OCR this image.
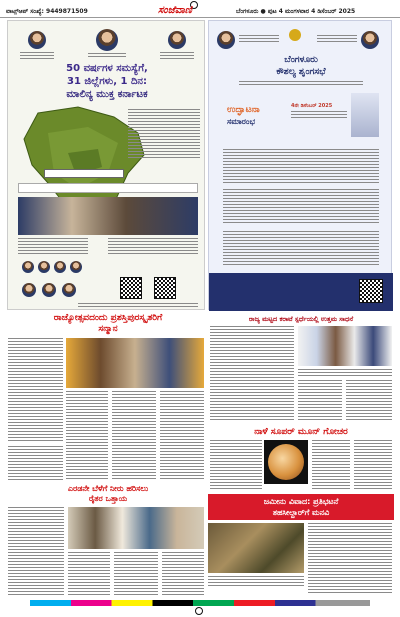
ವಾಟ್ಸ್ಆಪ್ ಸಂಖ್ಯೆ: 9449871509	ಸಂಜೆವಾಣಿ	ಬೆಂಗಳೂರು ● ಪುಟ 4 ಮಂಗಳವಾರ 4 ಡಿಸೆಂಬರ್ 2025
50 ವರ್ಷಗಳ ಸಮಸ್ಯೆಗೆ,
31 ಜಿಲ್ಲೆಗಳು, 1 ದಿನ:
ಮಾಲಿನ್ಯ ಮುಕ್ತ ಕರ್ನಾಟಕ
ಬೆಂಗಳೂರು
ಕೌಶಲ್ಯ ಶೃಂಗಸಭೆ
ಉದ್ಘಾಟನಾ
ಸಮಾರಂಭ
4ನೇ ಡಿಸೆಂಬರ್ 2025
ರಾಜ್ಯೋತ್ಸವದಂದು ಪ್ರಶಸ್ತಿಪುರಸ್ಕೃತರಿಗೆ
ಸನ್ಮಾನ
ರಾಜ್ಯ ಮಟ್ಟದ ಕರಾಟೆ ಸ್ಪರ್ಧೆಯಲ್ಲಿ ಉತ್ತಮ ಸಾಧನೆ
ನಾಳೆ ಸೂಪರ್ ಮೂನ್ ಗೋಚರ
ಎರಡನೇ ಬೆಳೆಗೆ ನೀರು ಹರಿಸಲು
ರೈತರ ಒತ್ತಾಯ	ಜಮೀನು ವಿವಾದ: ಪ್ರತಿಭಟನೆ
ತಹಸೀಲ್ದಾರ್‌ಗೆ ಮನವಿ
